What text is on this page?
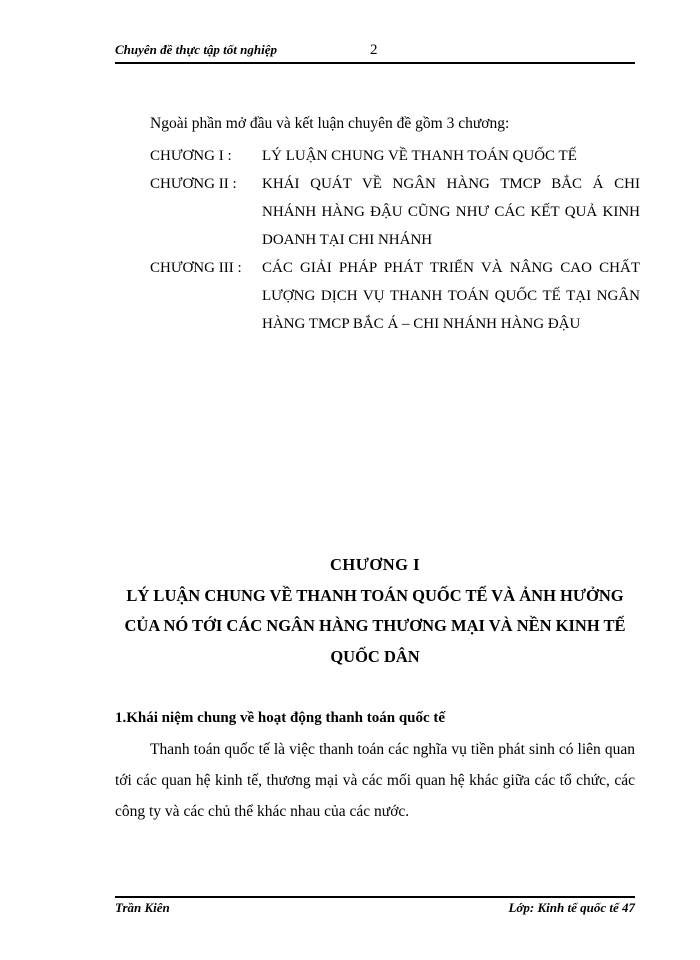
Chuyên đề thực tập tốt nghiệp	2
Ngoài phần mở đầu và kết luận chuyên đề gồm 3 chương:
CHƯƠNG I : LÝ LUẬN CHUNG VỀ THANH TOÁN QUỐC TẾ
CHƯƠNG II : KHÁI QUÁT VỀ NGÂN HÀNG TMCP BẮC Á CHI NHÁNH HÀNG ĐẬU CŨNG NHƯ CÁC KẾT QUẢ KINH DOANH TẠI CHI NHÁNH
CHƯƠNG III : CÁC GIẢI PHÁP PHÁT TRIỂN VÀ NÂNG CAO CHẤT LƯỢNG DỊCH VỤ THANH TOÁN QUỐC TẾ TẠI NGÂN HÀNG TMCP BẮC Á – CHI NHÁNH HÀNG ĐẬU
CHƯƠNG I
LÝ LUẬN CHUNG VỀ THANH TOÁN QUỐC TẾ VÀ ẢNH HƯỞNG CỦA NÓ TỚI CÁC NGÂN HÀNG THƯƠNG MẠI VÀ NỀN KINH TẾ QUỐC DÂN
1.Khái niệm chung về hoạt động thanh toán quốc tế
Thanh toán quốc tế là việc thanh toán các nghĩa vụ tiền phát sinh có liên quan tới các quan hệ kinh tế, thương mại và các mối quan hệ khác giữa các tổ chức, các công ty và các chủ thể khác nhau của các nước.
Trần Kiên	Lớp: Kinh tế quốc tế 47
